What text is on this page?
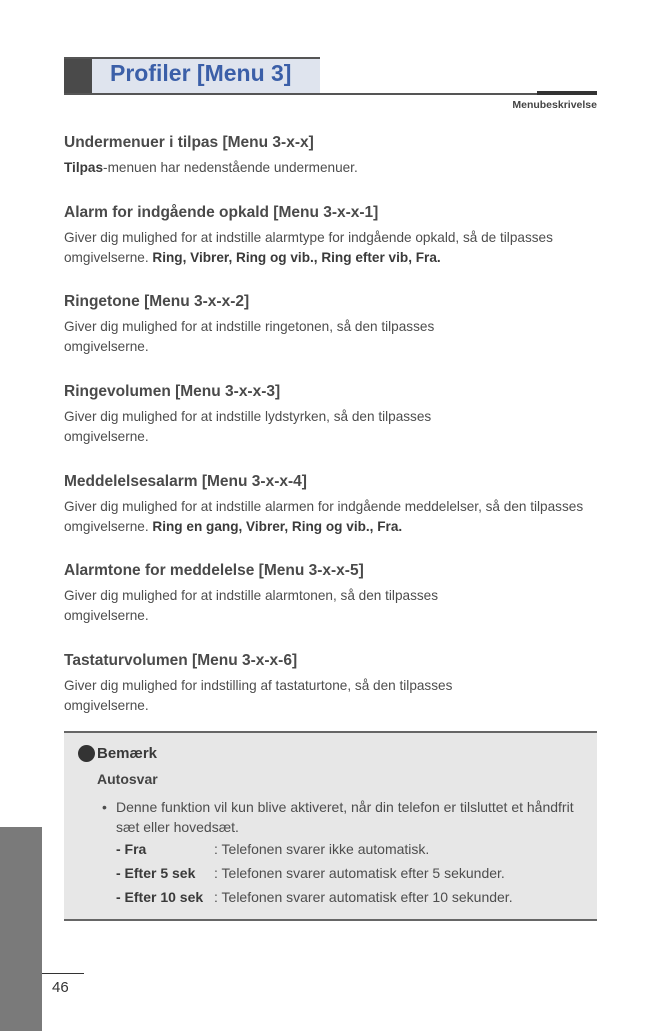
Profiler [Menu 3]
Menubeskrivelse
Undermenuer i tilpas [Menu 3-x-x]

Tilpas-menuen har nedenstående undermenuer.

Alarm for indgående opkald [Menu 3-x-x-1]

Giver dig mulighed for at indstille alarmtype for indgående opkald, så de tilpasses omgivelserne. Ring, Vibrer, Ring og vib., Ring efter vib, Fra.

Ringetone [Menu 3-x-x-2]

Giver dig mulighed for at indstille ringetonen, så den tilpasses omgivelserne.

Ringevolumen [Menu 3-x-x-3]

Giver dig mulighed for at indstille lydstyrken, så den tilpasses omgivelserne.

Meddelelsesalarm [Menu 3-x-x-4]

Giver dig mulighed for at indstille alarmen for indgående meddelelser, så den tilpasses omgivelserne. Ring en gang, Vibrer, Ring og vib., Fra.

Alarmtone for meddelelse [Menu 3-x-x-5]

Giver dig mulighed for at indstille alarmtonen, så den tilpasses omgivelserne.

Tastaturvolumen [Menu 3-x-x-6]

Giver dig mulighed for indstilling af tastaturtone, så den tilpasses omgivelserne.

Bemærk
Autosvar
• Denne funktion vil kun blive aktiveret, når din telefon er tilsluttet et håndfrit sæt eller hovedsæt.
- Fra	: Telefonen svarer ikke automatisk.
- Efter 5 sek : Telefonen svarer automatisk efter 5 sekunder.
- Efter 10 sek : Telefonen svarer automatisk efter 10 sekunder.
46
